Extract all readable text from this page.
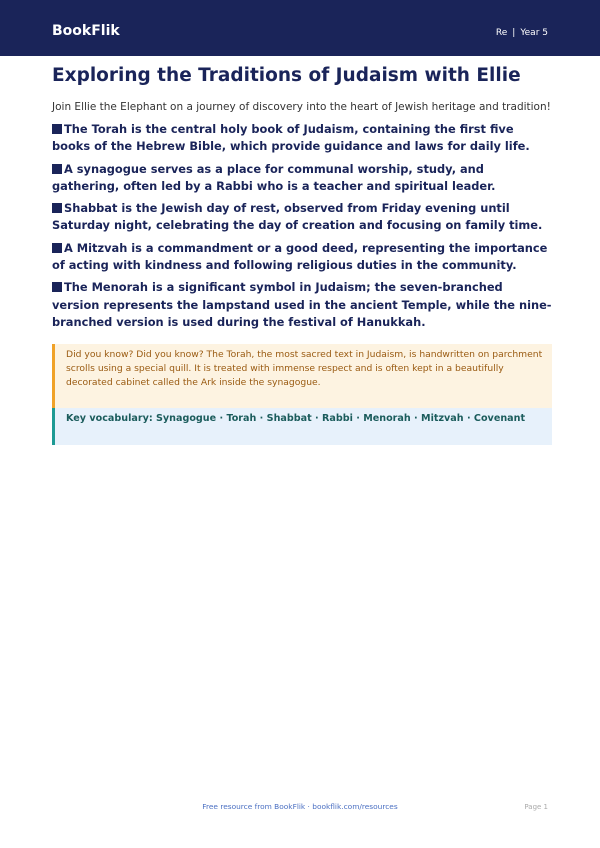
BookFlik	Re | Year 5
Exploring the Traditions of Judaism with Ellie

Join Ellie the Elephant on a journey of discovery into the heart of Jewish heritage and tradition!

The Torah is the central holy book of Judaism, containing the first five books of the Hebrew Bible, which provide guidance and laws for daily life.
A synagogue serves as a place for communal worship, study, and gathering, often led by a Rabbi who is a teacher and spiritual leader.
Shabbat is the Jewish day of rest, observed from Friday evening until Saturday night, celebrating the day of creation and focusing on family time.
A Mitzvah is a commandment or a good deed, representing the importance of acting with kindness and following religious duties in the community.
The Menorah is a significant symbol in Judaism; the seven-branched version represents the lampstand used in the ancient Temple, while the nine-branched version is used during the festival of Hanukkah.
Did you know? Did you know? The Torah, the most sacred text in Judaism, is handwritten on parchment scrolls using a special quill. It is treated with immense respect and is often kept in a beautifully decorated cabinet called the Ark inside the synagogue.
Key vocabulary: Synagogue · Torah · Shabbat · Rabbi · Menorah · Mitzvah · Covenant
Free resource from BookFlik · bookflik.com/resources	Page 1
